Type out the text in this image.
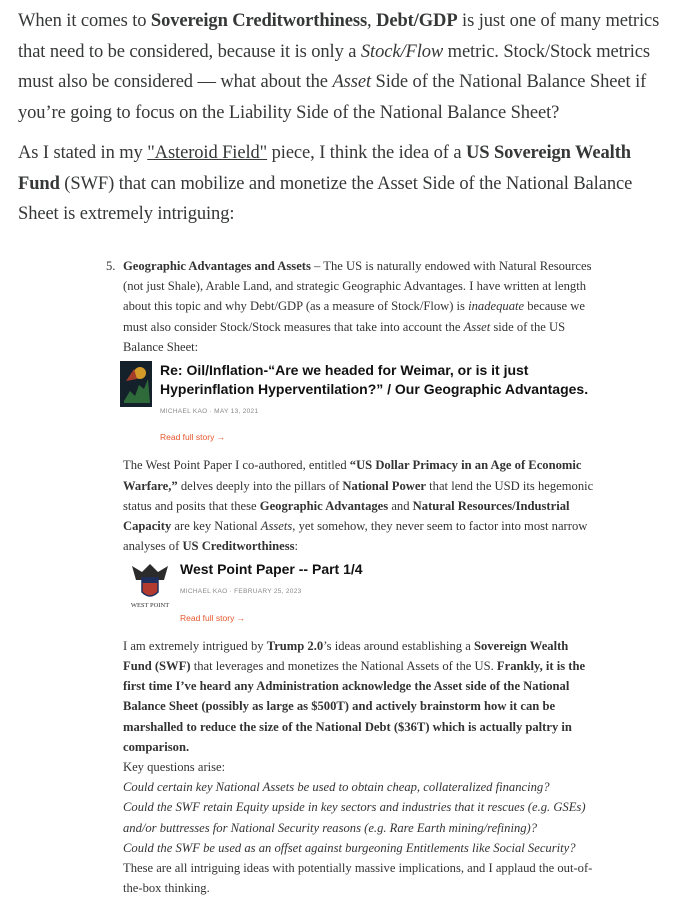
When it comes to Sovereign Creditworthiness, Debt/GDP is just one of many metrics that need to be considered, because it is only a Stock/Flow metric. Stock/Stock metrics must also be considered — what about the Asset Side of the National Balance Sheet if you’re going to focus on the Liability Side of the National Balance Sheet?

As I stated in my "Asteroid Field" piece, I think the idea of a US Sovereign Wealth Fund (SWF) that can mobilize and monetize the Asset Side of the National Balance Sheet is extremely intriguing:

5. Geographic Advantages and Assets – The US is naturally endowed with Natural Resources (not just Shale), Arable Land, and strategic Geographic Advantages. I have written at length about this topic and why Debt/GDP (as a measure of Stock/Flow) is inadequate because we must also consider Stock/Stock measures that take into account the Asset side of the US Balance Sheet:
Re: Oil/Inflation-“Are we headed for Weimar, or is it just Hyperinflation Hyperventilation?” / Our Geographic Advantages.
MICHAEL KAO · MAY 13, 2021
Read full story →
The West Point Paper I co-authored, entitled “US Dollar Primacy in an Age of Economic Warfare,” delves deeply into the pillars of National Power that lend the USD its hegemonic status and posits that these Geographic Advantages and Natural Resources/Industrial Capacity are key National Assets, yet somehow, they never seem to factor into most narrow analyses of US Creditworthiness:
WEST POINT
West Point Paper -- Part 1/4
MICHAEL KAO · FEBRUARY 25, 2023
Read full story →
I am extremely intrigued by Trump 2.0’s ideas around establishing a Sovereign Wealth Fund (SWF) that leverages and monetizes the National Assets of the US. Frankly, it is the first time I’ve heard any Administration acknowledge the Asset side of the National Balance Sheet (possibly as large as $500T) and actively brainstorm how it can be marshalled to reduce the size of the National Debt ($36T) which is actually paltry in comparison.
Key questions arise:
Could certain key National Assets be used to obtain cheap, collateralized financing?
Could the SWF retain Equity upside in key sectors and industries that it rescues (e.g. GSEs) and/or buttresses for National Security reasons (e.g. Rare Earth mining/refining)?
Could the SWF be used as an offset against burgeoning Entitlements like Social Security?
These are all intriguing ideas with potentially massive implications, and I applaud the out-of-the-box thinking.
